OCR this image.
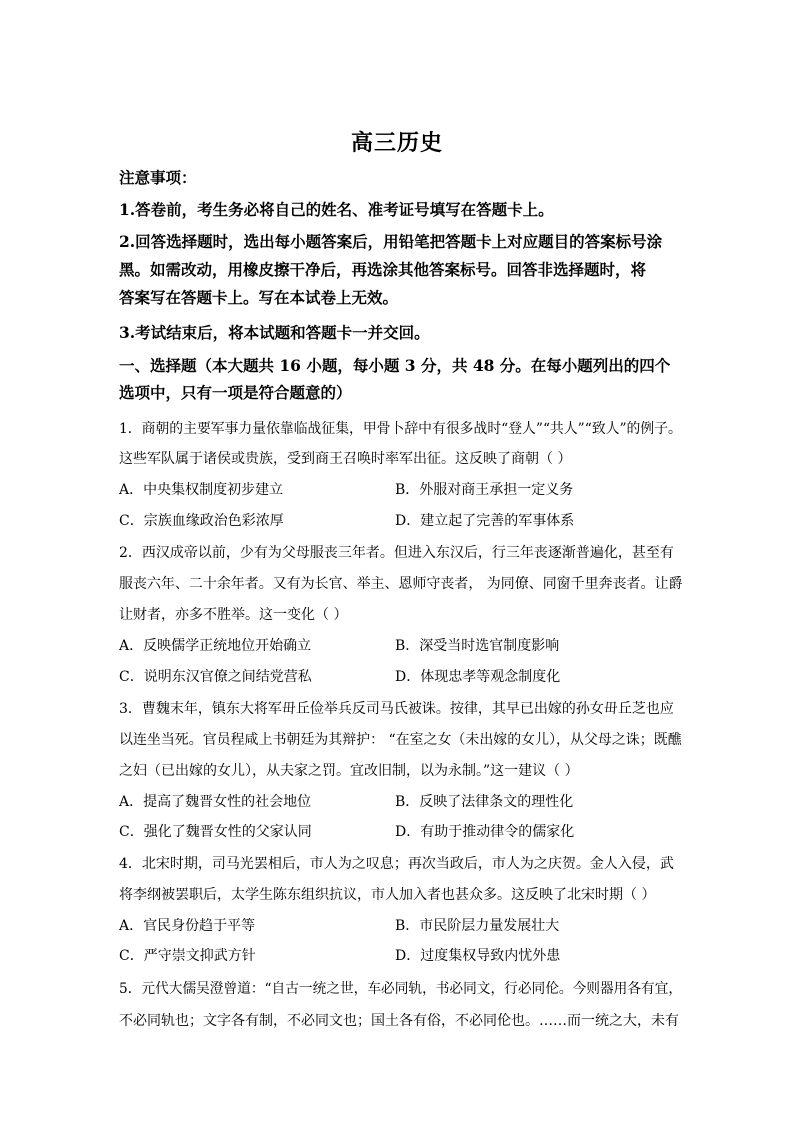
高三历史
注意事项：
1.答卷前，考生务必将自己的姓名、准考证号填写在答题卡上。
2.回答选择题时，选出每小题答案后，用铅笔把答题卡上对应题目的答案标号涂
黑。如需改动，用橡皮擦干净后，再选涂其他答案标号。回答非选择题时，将
答案写在答题卡上。写在本试卷上无效。
3.考试结束后，将本试题和答题卡一并交回。
一、选择题（本大题共 16 小题，每小题 3 分，共 48 分。在每小题列出的四个
选项中，只有一项是符合题意的）
1．商朝的主要军事力量依靠临战征集，甲骨卜辞中有很多战时“登人”“共人”“致人”的例子。
这些军队属于诸侯或贵族，受到商王召唤时率军出征。这反映了商朝（ ）
A．中央集权制度初步建立	B．外服对商王承担一定义务
C．宗族血缘政治色彩浓厚	D．建立起了完善的军事体系
2．西汉成帝以前，少有为父母服丧三年者。但进入东汉后，行三年丧逐渐普遍化，甚至有
服丧六年、二十余年者。又有为长官、举主、恩师守丧者， 为同僚、同窗千里奔丧者。让爵
让财者，亦多不胜举。这一变化（ ）
A．反映儒学正统地位开始确立	B．深受当时选官制度影响
C．说明东汉官僚之间结党营私	D．体现忠孝等观念制度化
3．曹魏末年，镇东大将军毌丘俭举兵反司马氏被诛。按律，其早已出嫁的孙女毌丘芝也应
以连坐当死。官员程咸上书朝廷为其辩护： “在室之女（未出嫁的女儿），从父母之诛；既醮
之妇（已出嫁的女儿），从夫家之罚。宜改旧制，以为永制。”这一建议（ ）
A．提高了魏晋女性的社会地位	B．反映了法律条文的理性化
C．强化了魏晋女性的父家认同	D．有助于推动律令的儒家化
4．北宋时期，司马光罢相后，市人为之叹息；再次当政后，市人为之庆贺。金人入侵，武
将李纲被罢职后，太学生陈东组织抗议，市人加入者也甚众多。这反映了北宋时期（ ）
A．官民身份趋于平等	B．市民阶层力量发展壮大
C．严守崇文抑武方针	D．过度集权导致内忧外患
5．元代大儒吴澄曾道：“自古一统之世，车必同轨，书必同文，行必同伦。今则器用各有宜，
不必同轨也；文字各有制，不必同文也；国土各有俗，不必同伦也。……而一统之大，未有
